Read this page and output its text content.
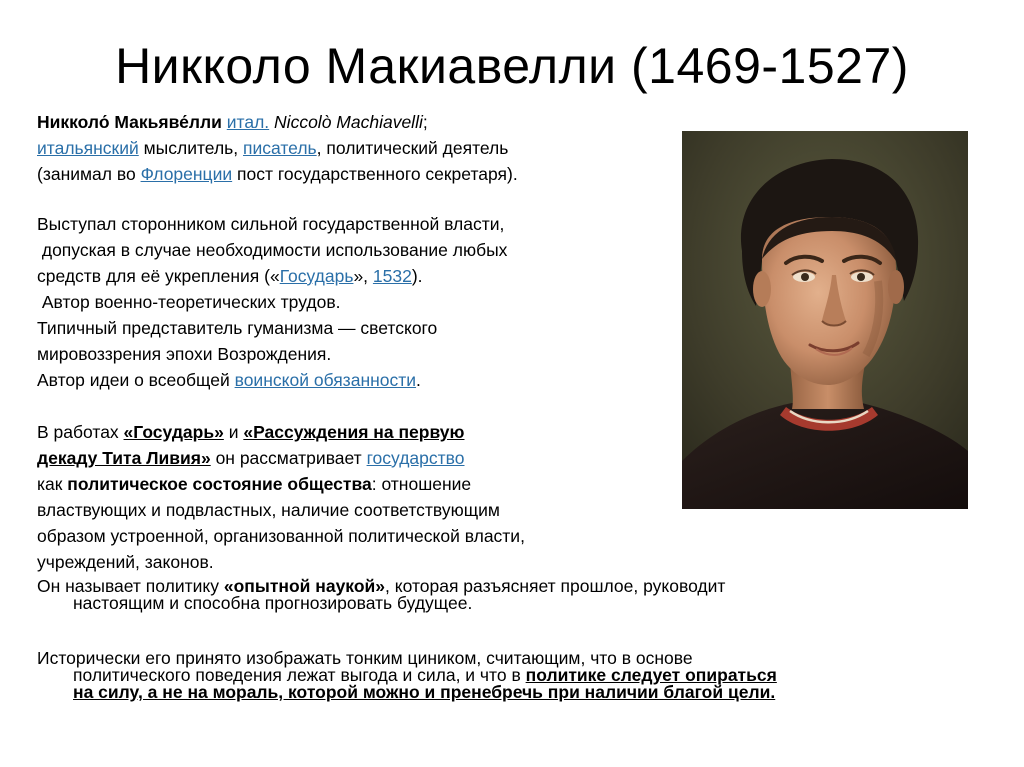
Никколо Макиавелли (1469-1527)
Никколо́ Макьяве́лли итал. Niccolò Machiavelli;
итальянский мыслитель, писатель, политический деятель
(занимал во Флоренции пост государственного секретаря).
Выступал сторонником сильной государственной власти,
допуская в случае необходимости использование любых
средств для её укрепления («Государь», 1532).
Автор военно-теоретических трудов.
Типичный представитель гуманизма — светского
мировоззрения эпохи Возрождения.
Автор идеи о всеобщей воинской обязанности.
В работах «Государь» и «Рассуждения на первую
декаду Тита Ливия» он рассматривает государство
как политическое состояние общества: отношение
властвующих и подвластных, наличие соответствующим
образом устроенной, организованной политической власти,
учреждений, законов.
Он называет политику «опытной наукой», которая разъясняет прошлое, руководит
настоящим и способна прогнозировать будущее.
Исторически его принято изображать тонким циником, считающим, что в основе
политического поведения лежат выгода и сила, и что в политике следует опираться
на силу, а не на мораль, которой можно и пренебречь при наличии благой цели.
